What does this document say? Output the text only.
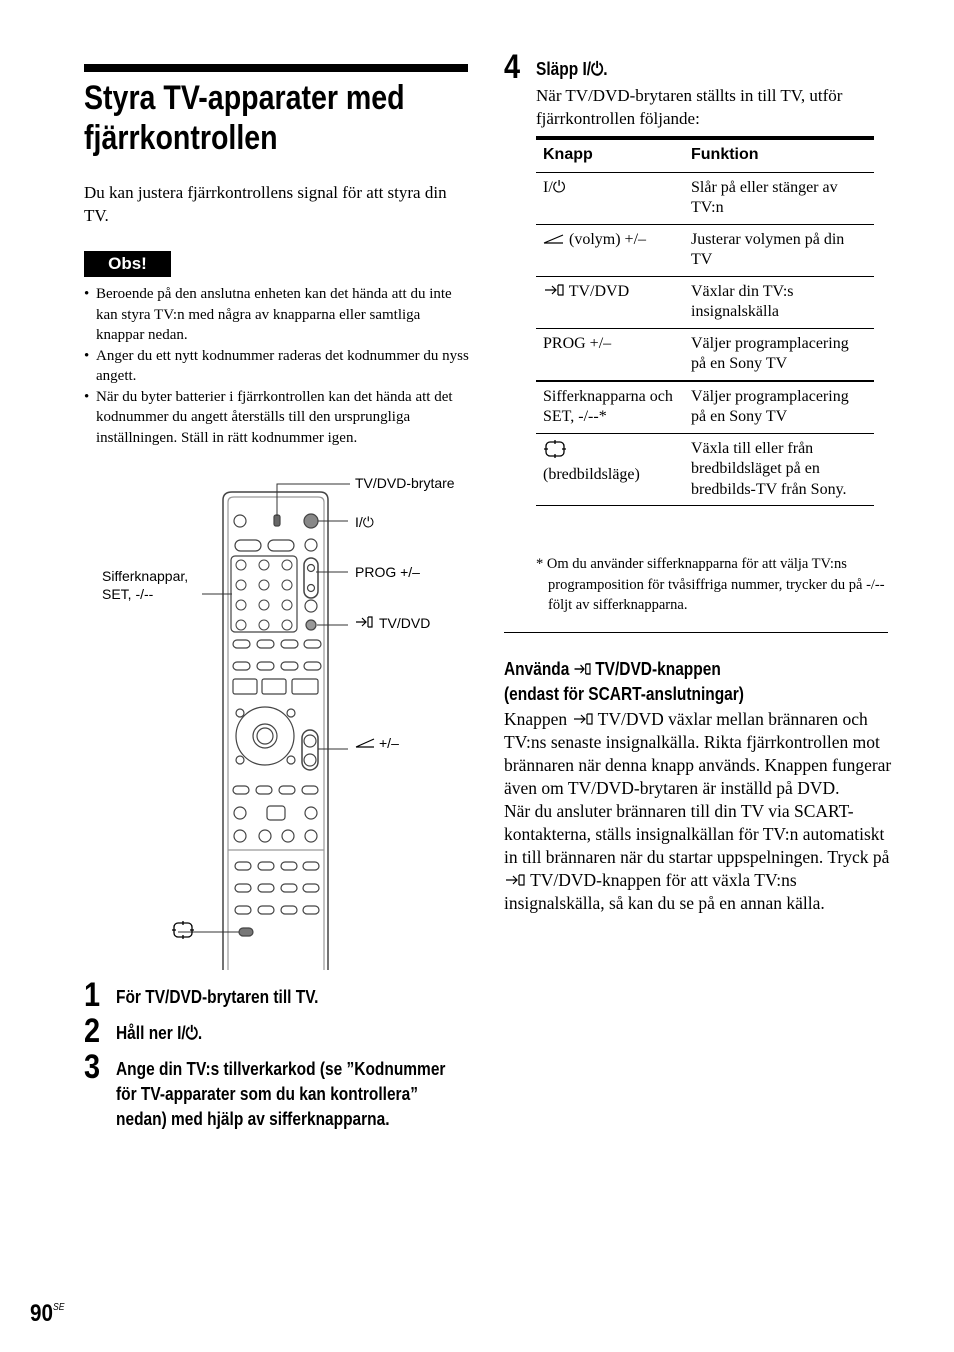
Styra TV-apparater med fjärrkontrollen
Du kan justera fjärrkontrollens signal för att styra din TV.
Obs!
• Beroende på den anslutna enheten kan det hända att du inte kan styra TV:n med några av knapparna eller samtliga knappar nedan.
• Anger du ett nytt kodnummer raderas det kodnummer du nyss angett.
• När du byter batterier i fjärrkontrollen kan det hända att det kodnummer du angett återställs till den ursprungliga inställningen. Ställ in rätt kodnummer igen.
TV/DVD-brytare
I/⏻
PROG +/–
Sifferknappar, SET, -/--
TV/DVD
+/–
1 För TV/DVD-brytaren till TV.
2 Håll ner I/⏻.
3 Ange din TV:s tillverkarkod (se ”Kodnummer för TV-apparater som du kan kontrollera” nedan) med hjälp av sifferknapparna.
4 Släpp I/⏻.
När TV/DVD-brytaren ställts in till TV, utför fjärrkontrollen följande:
Knapp	Funktion
I/⏻	Slår på eller stänger av TV:n
(volym) +/–	Justerar volymen på din TV
TV/DVD	Växlar din TV:s insignalskälla
PROG +/–	Väljer programplacering på en Sony TV
Sifferknapparna och SET, -/--*	Väljer programplacering på en Sony TV

(bredbildsläge)	Växla till eller från bredbildsläget på en bredbilds-TV från Sony.
* Om du använder sifferknapparna för att välja TV:ns programposition för tvåsiffriga nummer, trycker du på -/-- följt av sifferknapparna.
Använda TV/DVD-knappen
(endast för SCART-anslutningar)
Knappen TV/DVD växlar mellan brännaren och TV:ns senaste insignalkälla. Rikta fjärrkontrollen mot brännaren när denna knapp används. Knappen fungerar även om TV/DVD-brytaren är inställd på DVD.
När du ansluter brännaren till din TV via SCART-kontakterna, ställs insignalkällan för TV:n automatiskt in till brännaren när du startar uppspelningen. Tryck på  TV/DVD-knappen för att växla TV:ns insignalskälla, så kan du se på en annan källa.
$90^{SE}$
